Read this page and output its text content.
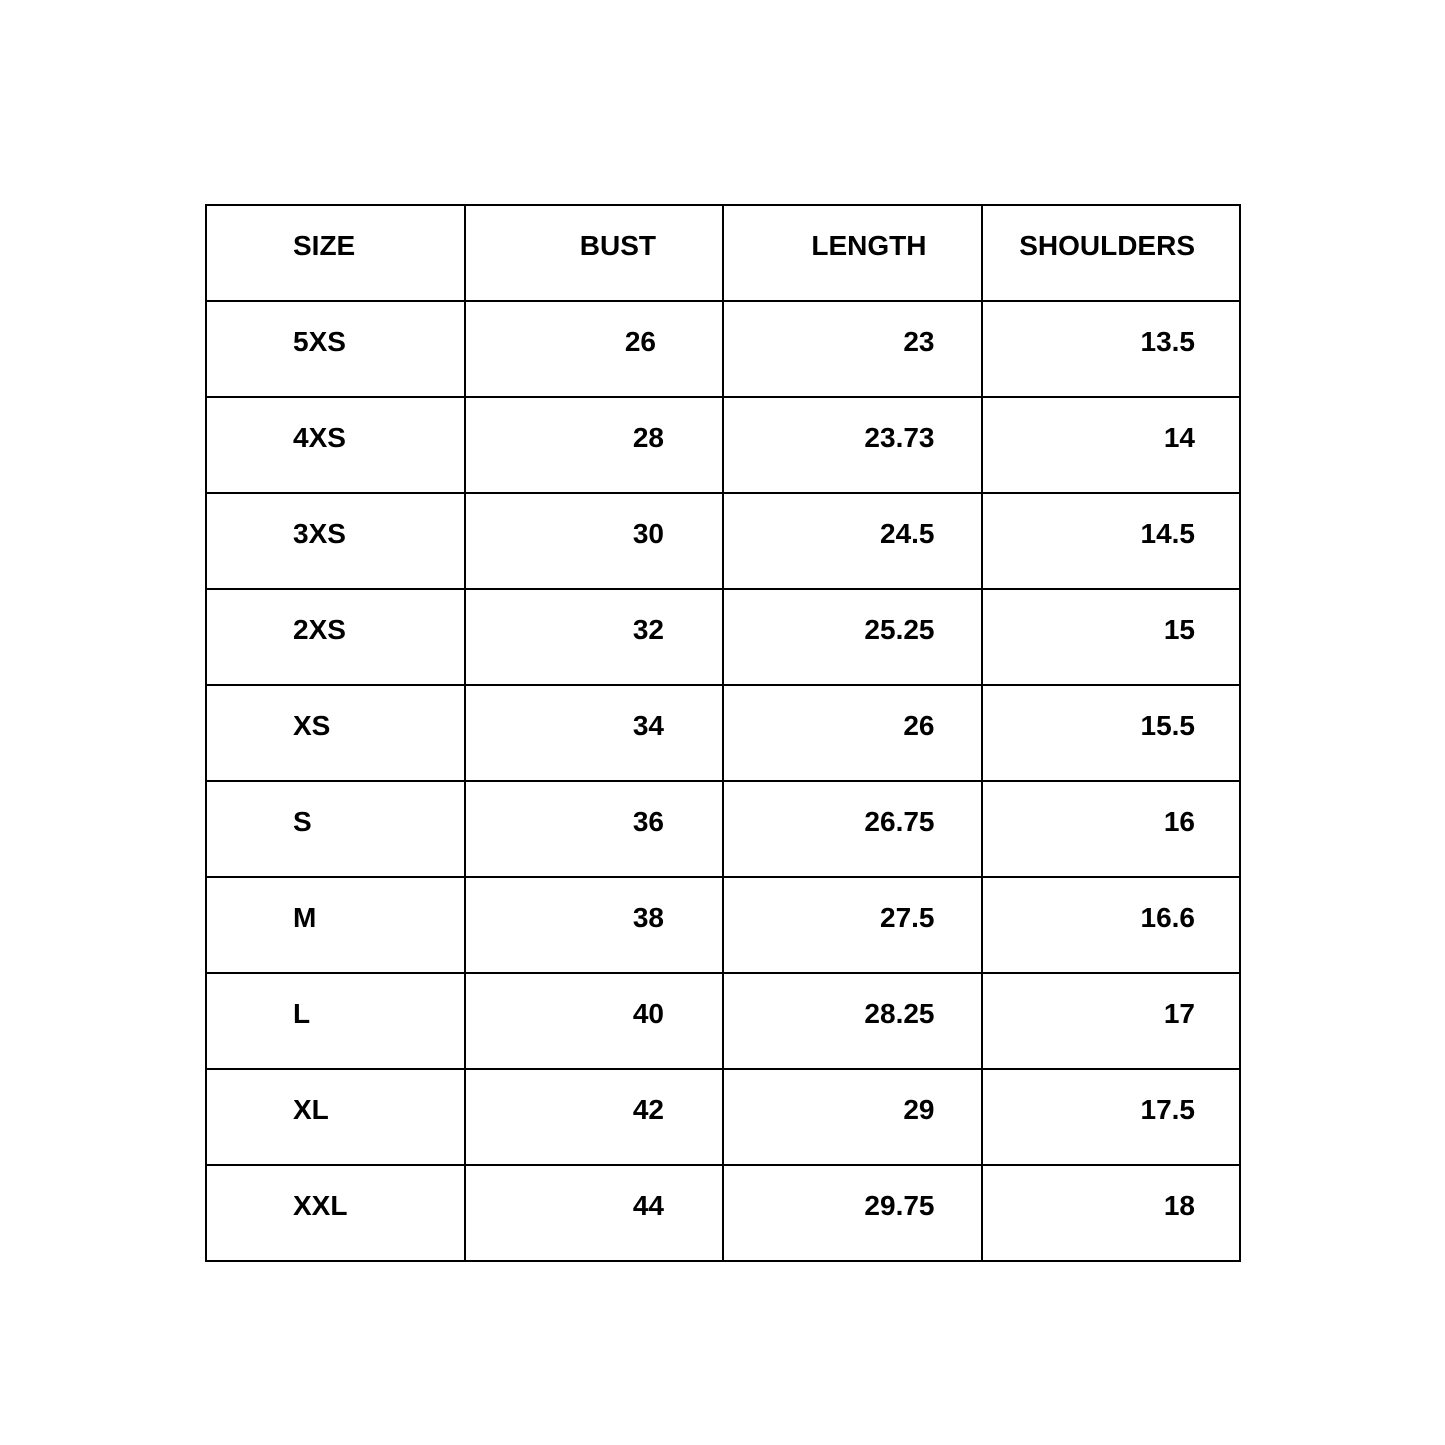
SIZE	BUST	LENGTH	SHOULDERS

5XS	26	23	13.5

4XS	28	23.73	14

3XS	30	24.5	14.5

2XS	32	25.25	15

XS	34	26	15.5

S	36	26.75	16

M	38	27.5	16.6

L	40	28.25	17

XL	42	29	17.5

XXL	44	29.75	18
